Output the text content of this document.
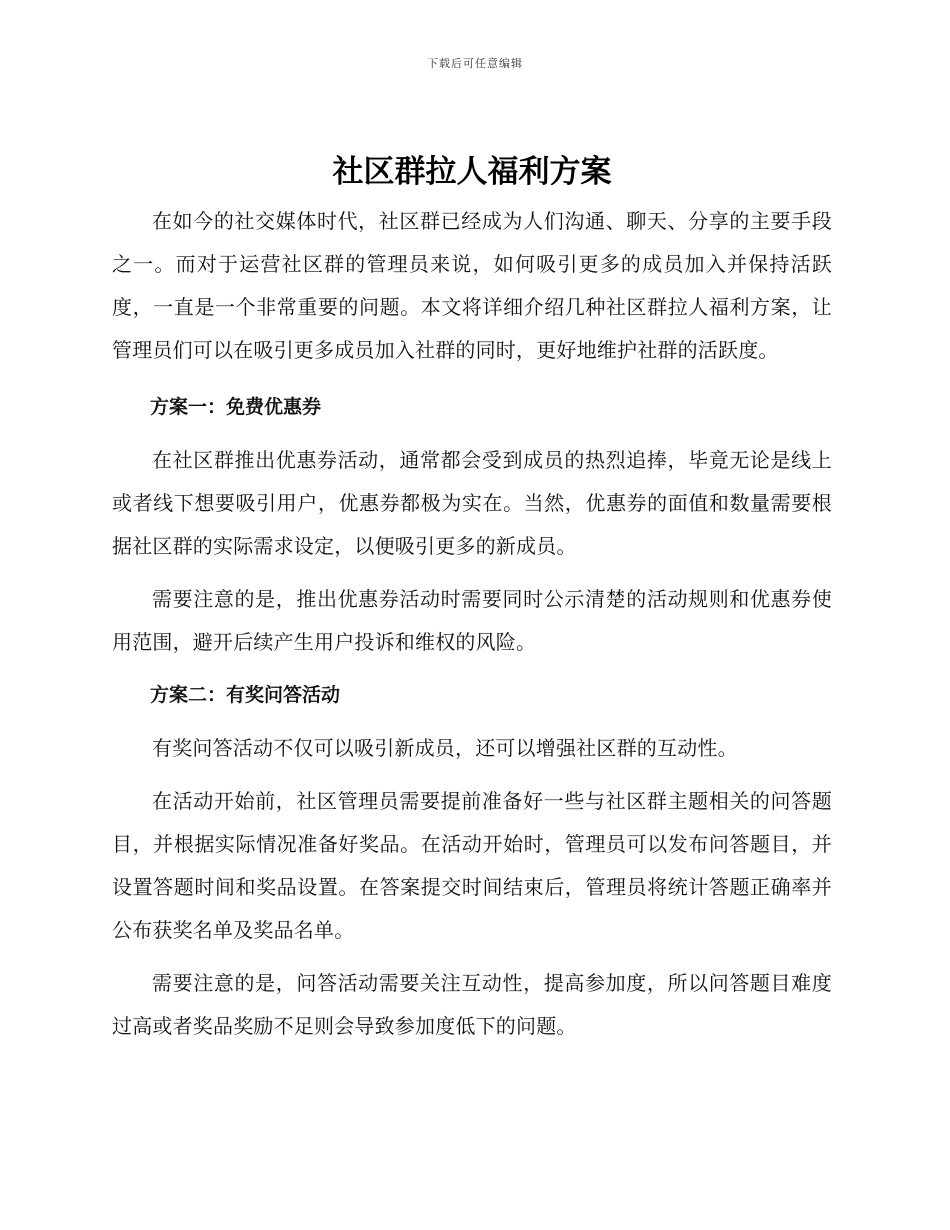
下载后可任意编辑
社区群拉人福利方案

在如今的社交媒体时代，社区群已经成为人们沟通、聊天、分享的主要手段之一。而对于运营社区群的管理员来说，如何吸引更多的成员加入并保持活跃度，一直是一个非常重要的问题。本文将详细介绍几种社区群拉人福利方案，让管理员们可以在吸引更多成员加入社群的同时，更好地维护社群的活跃度。

方案一：免费优惠券

在社区群推出优惠券活动，通常都会受到成员的热烈追捧，毕竟无论是线上或者线下想要吸引用户，优惠券都极为实在。当然，优惠券的面值和数量需要根据社区群的实际需求设定，以便吸引更多的新成员。

需要注意的是，推出优惠券活动时需要同时公示清楚的活动规则和优惠券使用范围，避开后续产生用户投诉和维权的风险。

方案二：有奖问答活动

有奖问答活动不仅可以吸引新成员，还可以增强社区群的互动性。

在活动开始前，社区管理员需要提前准备好一些与社区群主题相关的问答题目，并根据实际情况准备好奖品。在活动开始时，管理员可以发布问答题目，并设置答题时间和奖品设置。在答案提交时间结束后，管理员将统计答题正确率并公布获奖名单及奖品名单。

需要注意的是，问答活动需要关注互动性，提高参加度，所以问答题目难度过高或者奖品奖励不足则会导致参加度低下的问题。
